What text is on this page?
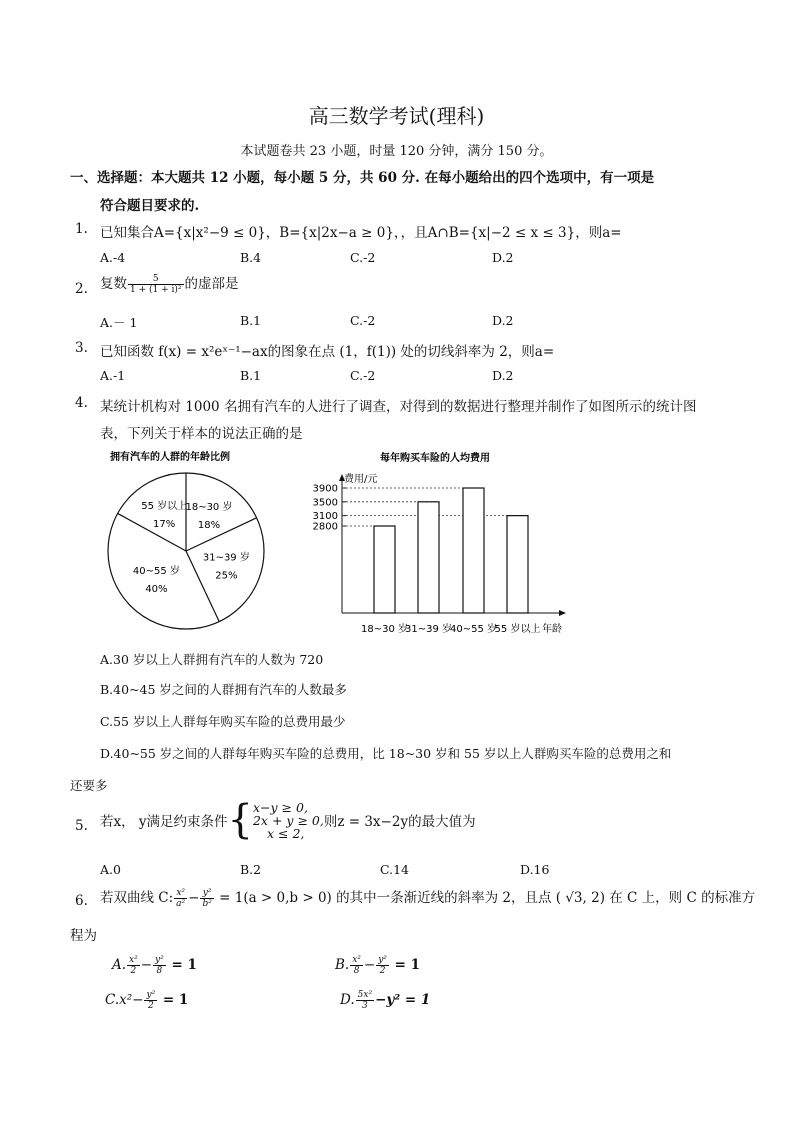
高三数学考试(理科)
本试题卷共 23 小题，时量 120 分钟，满分 150 分。
一、选择题：本大题共 12 小题，每小题 5 分，共 60 分. 在每小题给出的四个选项中，有一项是
符合题目要求的.
1. 已知集合A={x|x²−9 ≤ 0}，B={x|2x−a ≥ 0}，，且A∩B={x|−2 ≤ x ≤ 3}，则a=
A.-4	B.4	C.-2	D.2
2. 复数 $\frac{5}{\text{1 + (1 + i)²}}$ 的虚部是
A.－ 1	B.1	C.-2	D.2
3. 已知函数 f(x) = x²eˣ⁻¹−ax的图象在点 (1，f(1)) 处的切线斜率为 2，则a=
A.-1	B.1	C.-2	D.2
4. 某统计机构对 1000 名拥有汽车的人进行了调查，对得到的数据进行整理并制作了如图所示的统计图
表，下列关于样本的说法正确的是
拥有汽车的人群的年龄比例
18~30 岁
18%
31~39 岁
25%
40~55 岁
40%
55 岁以上
17%
每年购买车险的人均费用
费用/元
年龄
3900
3500
3100
2800
18~30 岁
31~39 岁
40~55 岁
55 岁以上
A.30 岁以上人群拥有汽车的人数为 720
B.40~45 岁之间的人群拥有汽车的人数最多
C.55 岁以上人群每年购买车险的总费用最少
D.40~55 岁之间的人群每年购买车险的总费用，比 18~30 岁和 55 岁以上人群购买车险的总费用之和
还要多
5. 若x， y满足约束条件{ x−y ≥ 0,
2x + y ≥ 0,
x ≤ 2,
则z = 3x−2y的最大值为
A.0	B.2	C.14	D.16
6. 若双曲线 C: $\frac{\text{x²}}{\text{a²}} - \frac{\text{y²}}{\text{b²}} = 1(a > 0,b > 0)$ 的其中一条渐近线的斜率为 2，且点 ( √3, 2) 在 C 上，则 C 的标准方
程为
A. $\frac{\text{x²}}{2} - \frac{\text{y²}}{8} = 1$	B. $\frac{\text{x²}}{8} - \frac{\text{y²}}{2} = 1$
$C.x^2- \frac{\text{y²}}{2} = 1$	D. $\frac{\text{5x²}}{3} -y^2 = 1$
